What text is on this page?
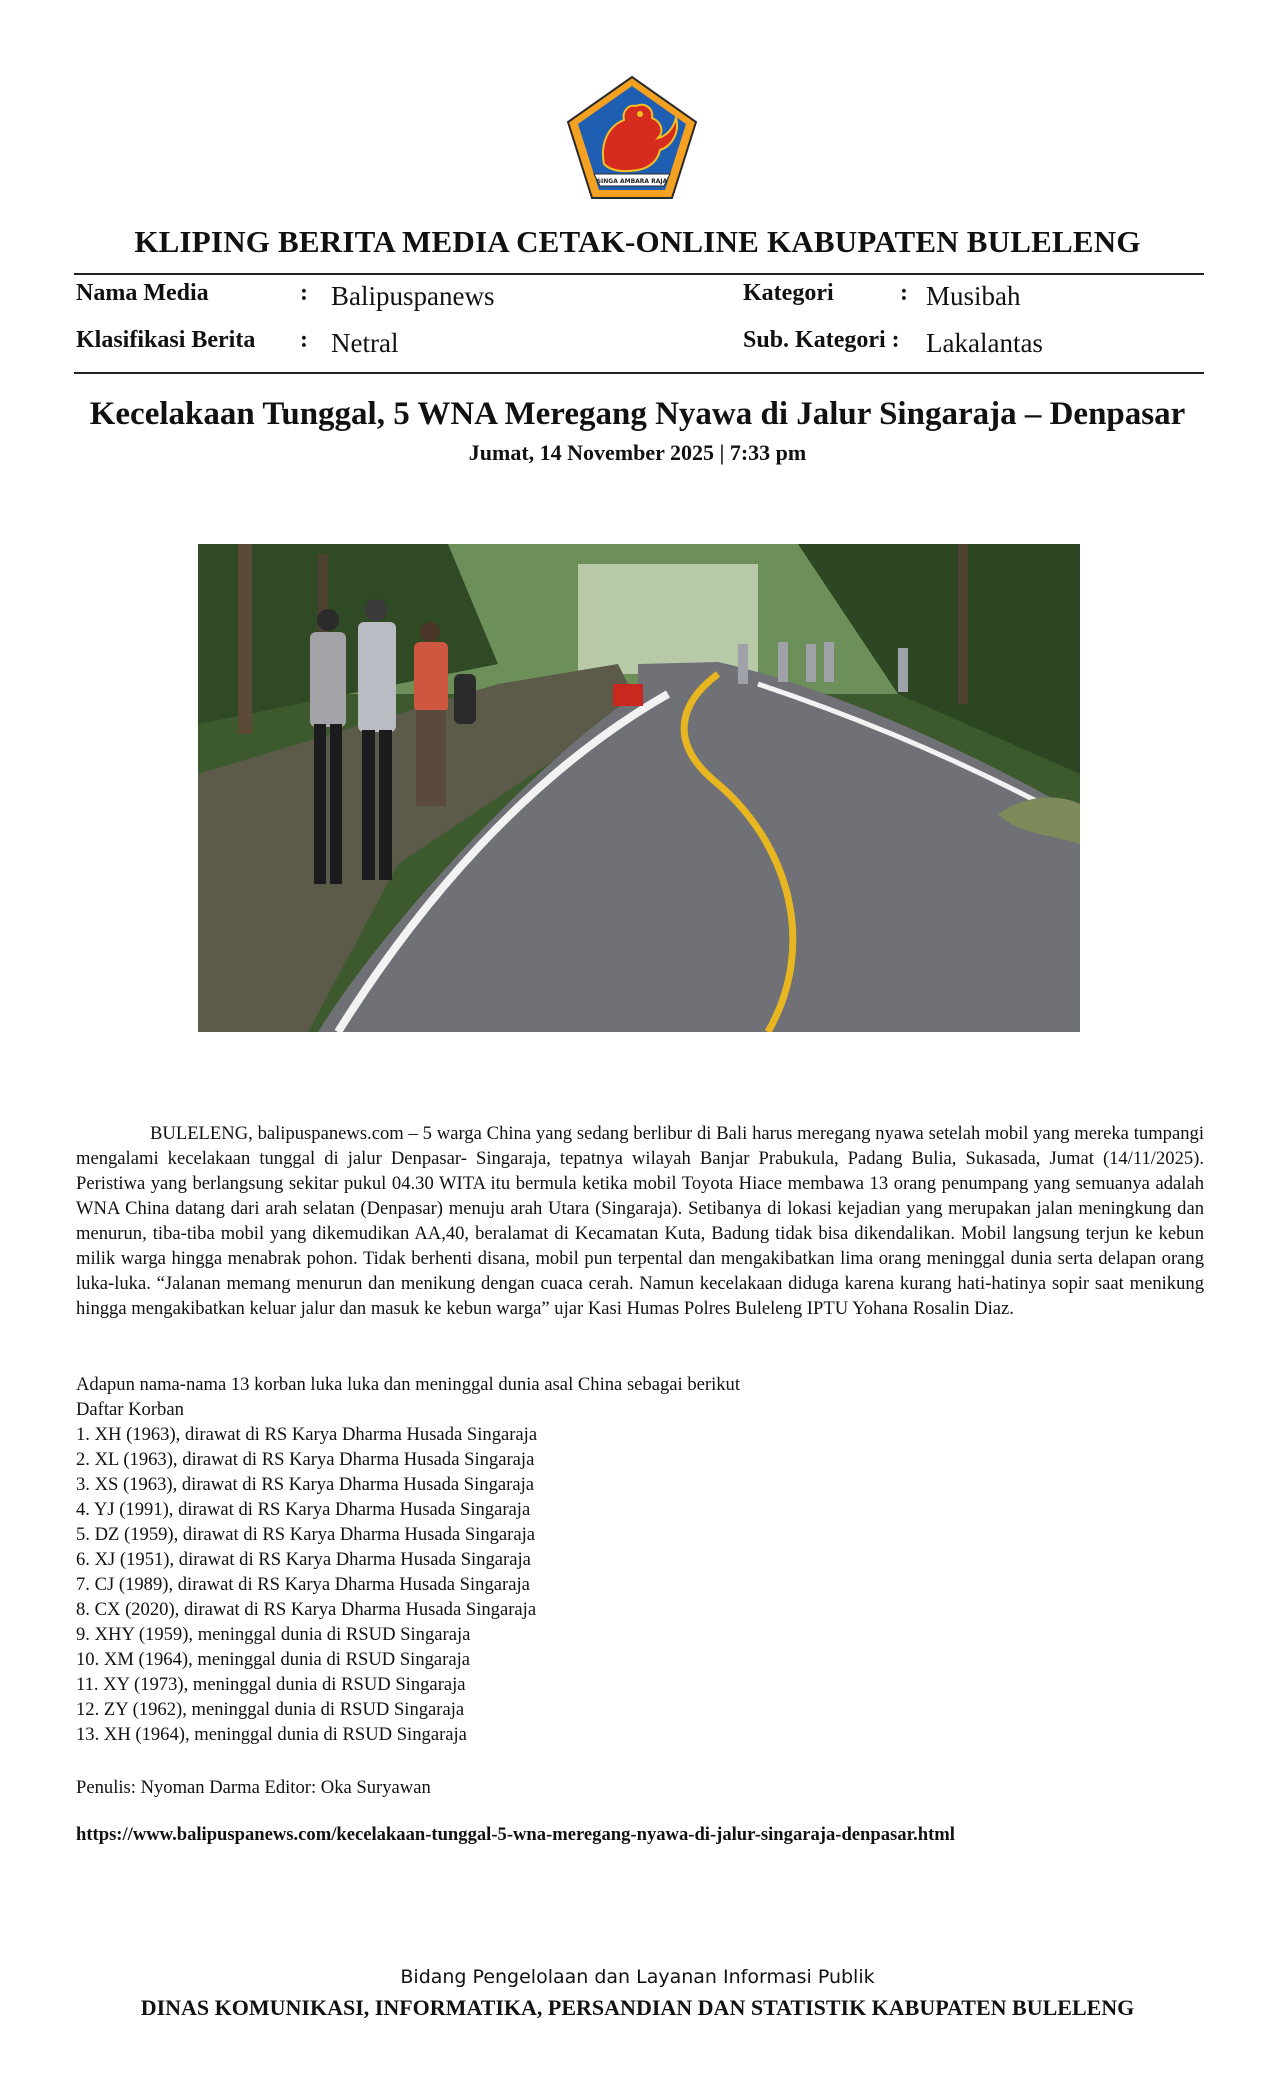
SINGA AMBARA RAJA
KLIPING BERITA MEDIA CETAK-ONLINE KABUPATEN BULELENG
Nama Media	: Balipuspanews	Kategori	: Musibah
Klasifikasi Berita : Netral	Sub. Kategori : Lakalantas
Kecelakaan Tunggal, 5 WNA Meregang Nyawa di Jalur Singaraja – Denpasar
Jumat, 14 November 2025 | 7:33 pm

BULELENG, balipuspanews.com – 5 warga China yang sedang berlibur di Bali harus meregang nyawa setelah mobil yang mereka tumpangi mengalami kecelakaan tunggal di jalur Denpasar- Singaraja, tepatnya wilayah Banjar Prabukula, Padang Bulia, Sukasada, Jumat (14/11/2025). Peristiwa yang berlangsung sekitar pukul 04.30 WITA itu bermula ketika mobil Toyota Hiace membawa 13 orang penumpang yang semuanya adalah WNA China datang dari arah selatan (Denpasar) menuju arah Utara (Singaraja). Setibanya di lokasi kejadian yang merupakan jalan meningkung dan menurun, tiba-tiba mobil yang dikemudikan AA,40, beralamat di Kecamatan Kuta, Badung tidak bisa dikendalikan. Mobil langsung terjun ke kebun milik warga hingga menabrak pohon. Tidak berhenti disana, mobil pun terpental dan mengakibatkan lima orang meninggal dunia serta delapan orang luka-luka. “Jalanan memang menurun dan menikung dengan cuaca cerah. Namun kecelakaan diduga karena kurang hati-hatinya sopir saat menikung hingga mengakibatkan keluar jalur dan masuk ke kebun warga” ujar Kasi Humas Polres Buleleng IPTU Yohana Rosalin Diaz.

Adapun nama-nama 13 korban luka luka dan meninggal dunia asal China sebagai berikut
Daftar Korban
1. XH (1963), dirawat di RS Karya Dharma Husada Singaraja
2. XL (1963), dirawat di RS Karya Dharma Husada Singaraja
3. XS (1963), dirawat di RS Karya Dharma Husada Singaraja
4. YJ (1991), dirawat di RS Karya Dharma Husada Singaraja
5. DZ (1959), dirawat di RS Karya Dharma Husada Singaraja
6. XJ (1951), dirawat di RS Karya Dharma Husada Singaraja
7. CJ (1989), dirawat di RS Karya Dharma Husada Singaraja
8. CX (2020), dirawat di RS Karya Dharma Husada Singaraja
9. XHY (1959), meninggal dunia di RSUD Singaraja
10. XM (1964), meninggal dunia di RSUD Singaraja
11. XY (1973), meninggal dunia di RSUD Singaraja
12. ZY (1962), meninggal dunia di RSUD Singaraja
13. XH (1964), meninggal dunia di RSUD Singaraja
Penulis: Nyoman Darma Editor: Oka Suryawan
https://www.balipuspanews.com/kecelakaan-tunggal-5-wna-meregang-nyawa-di-jalur-singaraja-denpasar.html
Bidang Pengelolaan dan Layanan Informasi Publik
DINAS KOMUNIKASI, INFORMATIKA, PERSANDIAN DAN STATISTIK KABUPATEN BULELENG
